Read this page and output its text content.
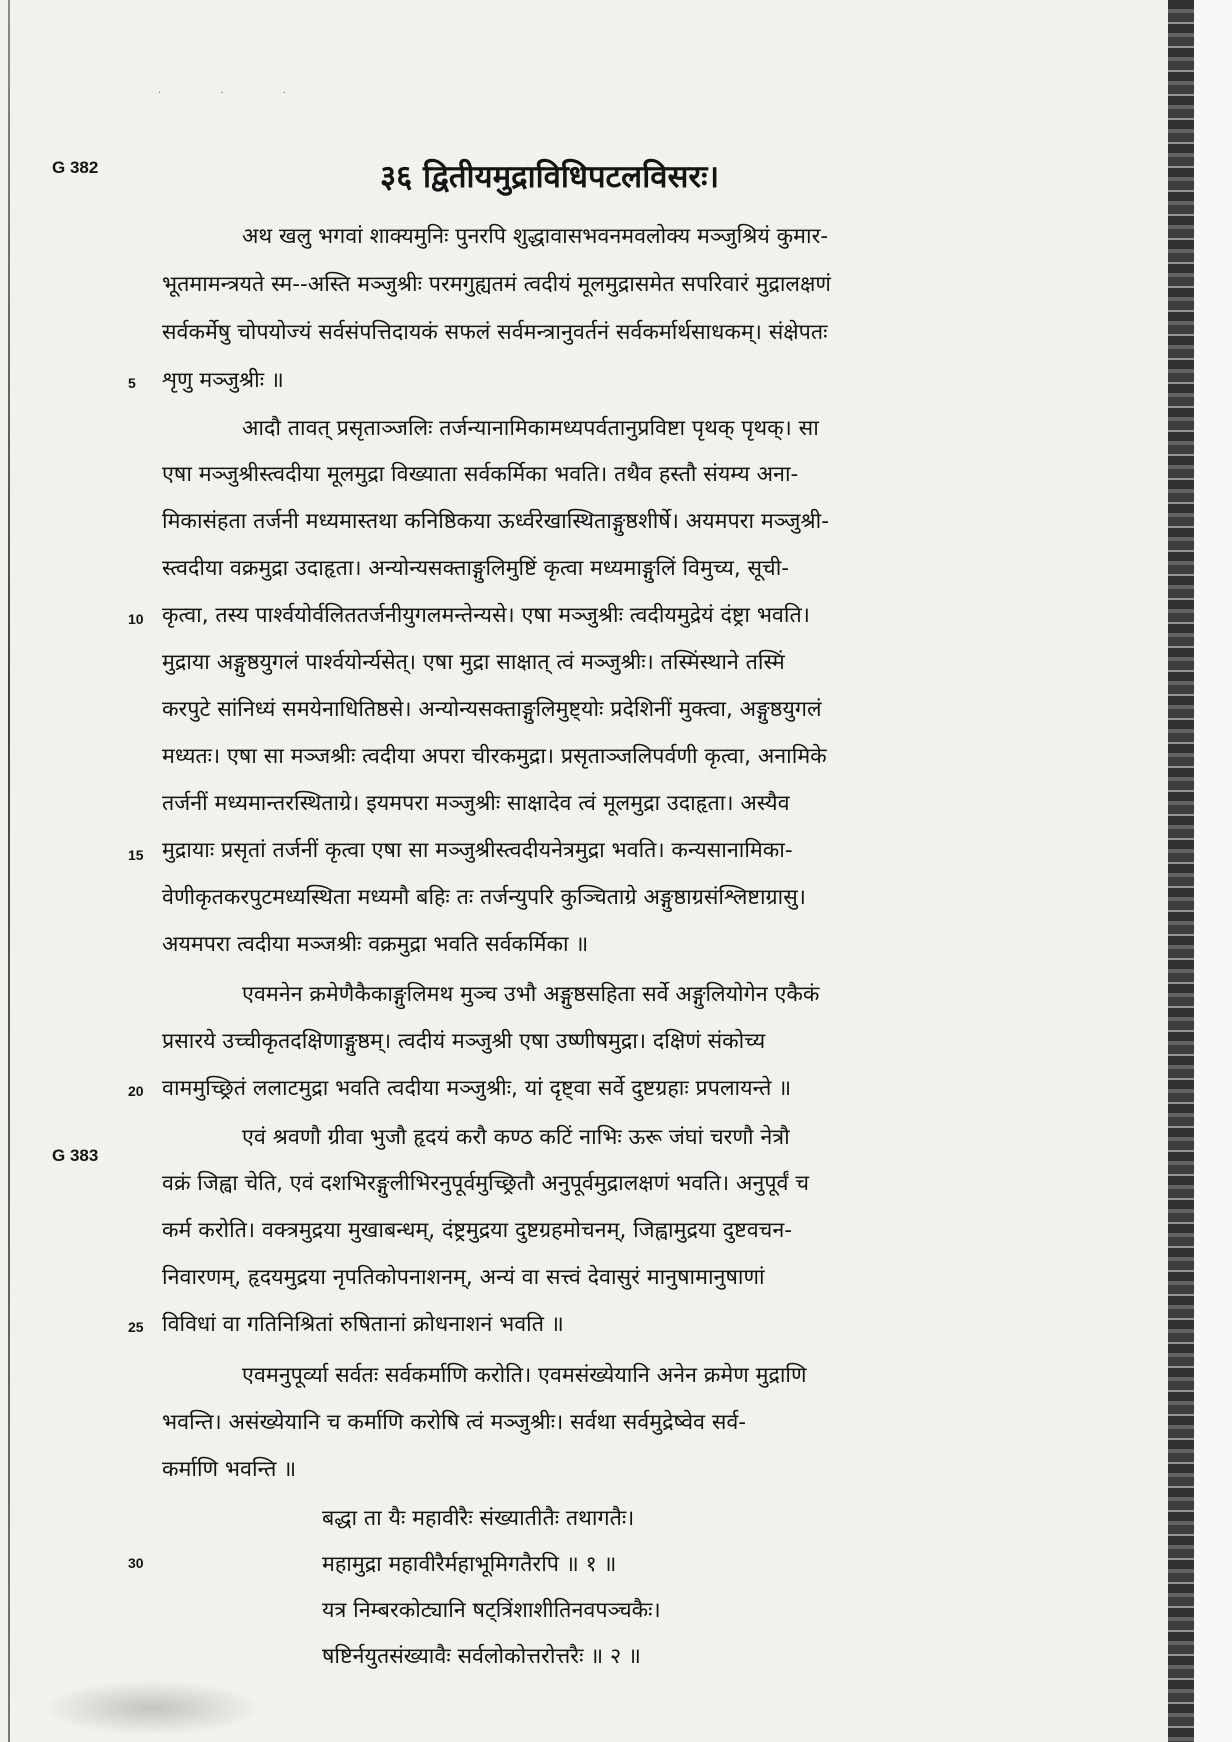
· · ·
G 382
G 383
३६ द्वितीयमुद्राविधिपटलविसरः।
5
10
15
20
25
30
अथ खलु भगवां शाक्यमुनिः पुनरपि शुद्धावासभवनमवलोक्य मञ्जुश्रियं कुमार-
भूतमामन्त्रयते स्म--अस्ति मञ्जुश्रीः परमगुह्यतमं त्वदीयं मूलमुद्रासमेत सपरिवारं मुद्रालक्षणं
सर्वकर्मेषु चोपयोज्यं सर्वसंपत्तिदायकं सफलं सर्वमन्त्रानुवर्तनं सर्वकर्मार्थसाधकम्। संक्षेपतः
शृणु मञ्जुश्रीः ॥
आदौ तावत् प्रसृताञ्जलिः तर्जन्यानामिकामध्यपर्वतानुप्रविष्टा पृथक् पृथक्। सा
एषा मञ्जुश्रीस्त्वदीया मूलमुद्रा विख्याता सर्वकर्मिका भवति। तथैव हस्तौ संयम्य अना-
मिकासंहता तर्जनी मध्यमास्तथा कनिष्ठिकया ऊर्ध्वरेखास्थिताङ्गुष्ठशीर्षे। अयमपरा मञ्जुश्री-
स्त्वदीया वक्रमुद्रा उदाहृता। अन्योन्यसक्ताङ्गुलिमुष्टिं कृत्वा मध्यमाङ्गुलिं विमुच्य, सूची-
कृत्वा, तस्य पार्श्वयोर्वलिततर्जनीयुगलमन्तेन्यसे। एषा मञ्जुश्रीः त्वदीयमुद्रेयं दंष्ट्रा भवति।
मुद्राया अङ्गुष्ठयुगलं पार्श्वयोर्न्यसेत्। एषा मुद्रा साक्षात् त्वं मञ्जुश्रीः। तस्मिंस्थाने तस्मिं
करपुटे सांनिध्यं समयेनाधितिष्ठसे। अन्योन्यसक्ताङ्गुलिमुष्ट्योः प्रदेशिनीं मुक्त्वा, अङ्गुष्ठयुगलं
मध्यतः। एषा सा मञ्जश्रीः त्वदीया अपरा चीरकमुद्रा। प्रसृताञ्जलिपर्वणी कृत्वा, अनामिके
तर्जनीं मध्यमान्तरस्थिताग्रे। इयमपरा मञ्जुश्रीः साक्षादेव त्वं मूलमुद्रा उदाहृता। अस्यैव
मुद्रायाः प्रसृतां तर्जनीं कृत्वा एषा सा मञ्जुश्रीस्त्वदीयनेत्रमुद्रा भवति। कन्यसानामिका-
वेणीकृतकरपुटमध्यस्थिता मध्यमौ बहिः तः तर्जन्युपरि कुञ्चिताग्रे अङ्गुष्ठाग्रसंश्लिष्टाग्रासु।
अयमपरा त्वदीया मञ्जश्रीः वक्रमुद्रा भवति सर्वकर्मिका ॥
एवमनेन क्रमेणैकैकाङ्गुलिमथ मुञ्च उभौ अङ्गुष्ठसहिता सर्वे अङ्गुलियोगेन एकैकं
प्रसारये उच्चीकृतदक्षिणाङ्गुष्ठम्। त्वदीयं मञ्जुश्री एषा उष्णीषमुद्रा। दक्षिणं संकोच्य
वाममुच्छ्रितं ललाटमुद्रा भवति त्वदीया मञ्जुश्रीः, यां दृष्ट्वा सर्वे दुष्टग्रहाः प्रपलायन्ते ॥
एवं श्रवणौ ग्रीवा भुजौ हृदयं करौ कण्ठ कटिं नाभिः ऊरू जंघां चरणौ नेत्रौ
वक्रं जिह्वा चेति, एवं दशभिरङ्गुलीभिरनुपूर्वमुच्छ्रितौ अनुपूर्वमुद्रालक्षणं भवति। अनुपूर्वं च
कर्म करोति। वक्त्रमुद्रया मुखाबन्धम्, दंष्ट्रमुद्रया दुष्टग्रहमोचनम्, जिह्वामुद्रया दुष्टवचन-
निवारणम्, हृदयमुद्रया नृपतिकोपनाशनम्, अन्यं वा सत्त्वं देवासुरं मानुषामानुषाणां
विविधां वा गतिनिश्रितां रुषितानां क्रोधनाशनं भवति ॥
एवमनुपूर्व्या सर्वतः सर्वकर्माणि करोति। एवमसंख्येयानि अनेन क्रमेण मुद्राणि
भवन्ति। असंख्येयानि च कर्माणि करोषि त्वं मञ्जुश्रीः। सर्वथा सर्वमुद्रेष्वेव सर्व-
कर्माणि भवन्ति ॥
बद्धा ता यैः महावीरैः संख्यातीतैः तथागतैः।
महामुद्रा महावीरैर्महाभूमिगतैरपि ॥ १ ॥
यत्र निम्बरकोट्यानि षट्त्रिंशाशीतिनवपञ्चकैः।
षष्टिर्नयुतसंख्यावैः सर्वलोकोत्तरोत्तरैः ॥ २ ॥
